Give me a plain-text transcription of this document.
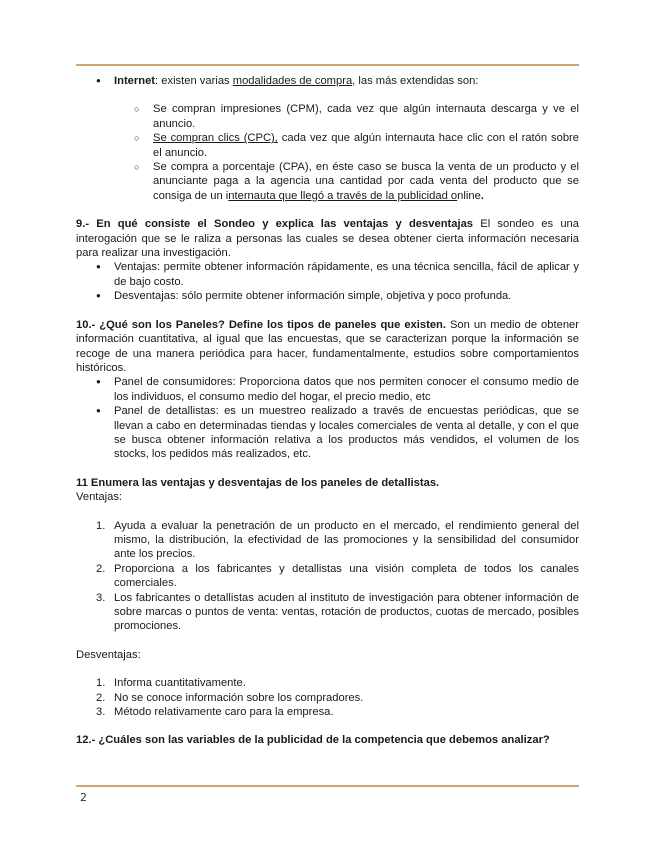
● Internet: existen varias modalidades de compra, las más extendidas son:
○ Se compran impresiones (CPM), cada vez que algún internauta descarga y ve el anuncio.
○ Se compran clics (CPC), cada vez que algún internauta hace clic con el ratón sobre el anuncio.
○ Se compra a porcentaje (CPA), en éste caso se busca la venta de un producto y el anunciante paga a la agencia una cantidad por cada venta del producto que se consiga de un internauta que llegó a través de la publicidad online.

9.- En qué consiste el Sondeo y explica las ventajas y desventajas El sondeo es una interogación que se le raliza a personas las cuales se desea obtener cierta información necesaria para realizar una investigación.

● Ventajas: permite obtener información rápidamente, es una técnica sencilla, fácil de aplicar y de bajo costo.
● Desventajas: sólo permite obtener información simple, objetiva y poco profunda.

10.- ¿Qué son los Paneles? Define los tipos de paneles que existen. Son un medio de obtener información cuantitativa, al igual que las encuestas, que se caracterizan porque la información se recoge de una manera periódica para hacer, fundamentalmente, estudios sobre comportamientos históricos.

● Panel de consumidores: Proporciona datos que nos permiten conocer el consumo medio de los individuos, el consumo medio del hogar, el precio medio, etc
● Panel de detallistas: es un muestreo realizado a través de encuestas periódicas, que se llevan a cabo en determinadas tiendas y locales comerciales de venta al detalle, y con el que se busca obtener información relativa a los productos más vendidos, el volumen de los stocks, los pedidos más realizados, etc.

11 Enumera las ventajas y desventajas de los paneles de detallistas.

Ventajas:

1. Ayuda a evaluar la penetración de un producto en el mercado, el rendimiento general del mismo, la distribución, la efectividad de las promociones y la sensibilidad del consumidor ante los precios.
2. Proporciona a los fabricantes y detallistas una visión completa de todos los canales comerciales.
3. Los fabricantes o detallistas acuden al instituto de investigación para obtener información de sobre marcas o puntos de venta: ventas, rotación de productos, cuotas de mercado, posibles promociones.

Desventajas:

1. Informa cuantitativamente.
2. No se conoce información sobre los compradores.
3. Método relativamente caro para la empresa.

12.- ¿Cuáles son las variables de la publicidad de la competencia que debemos analizar?

2
